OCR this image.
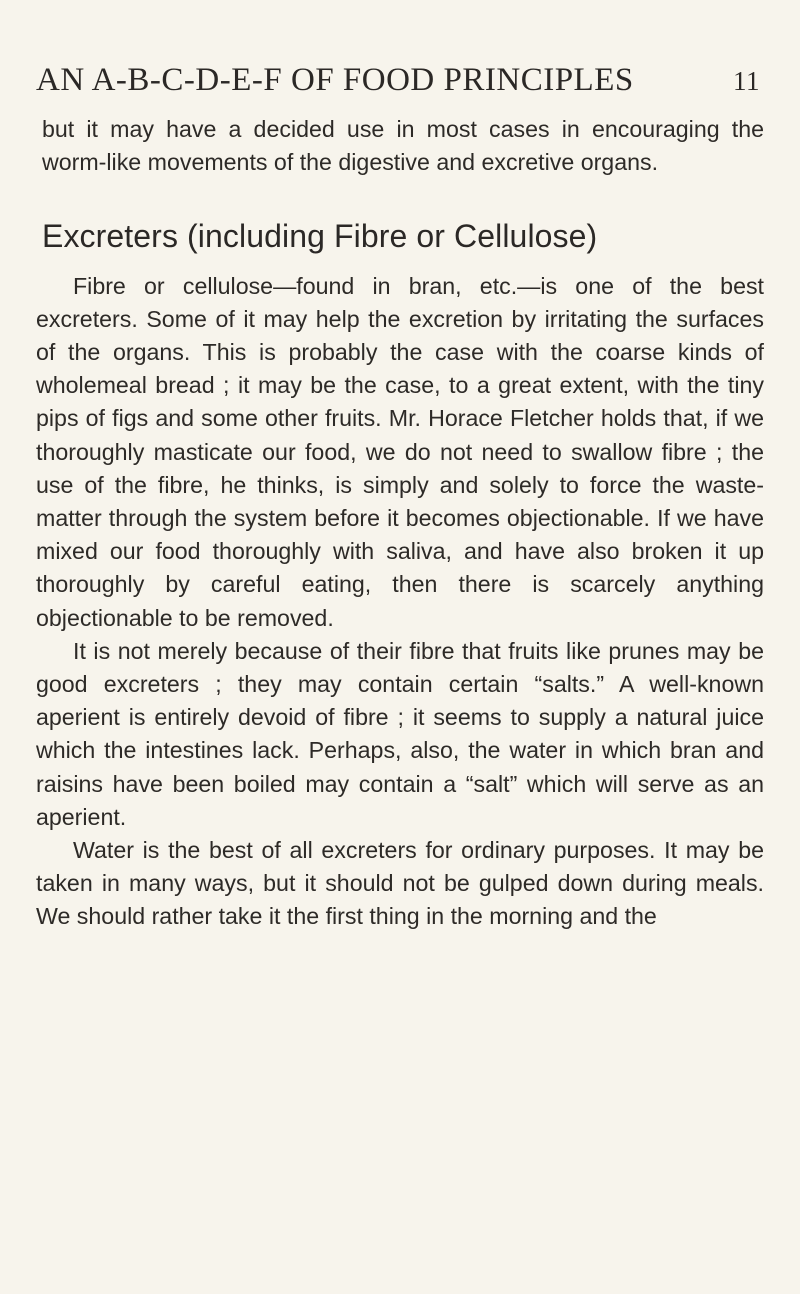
AN A-B-C-D-E-F OF FOOD PRINCIPLES	11

but it may have a decided use in most cases in encouraging the worm-like movements of the digestive and excretive organs.

Excreters (including Fibre or Cellulose)

Fibre or cellulose—found in bran, etc.—is one of the best excreters. Some of it may help the excretion by irritating the surfaces of the organs. This is probably the case with the coarse kinds of wholemeal bread ; it may be the case, to a great extent, with the tiny pips of figs and some other fruits. Mr. Horace Fletcher holds that, if we thoroughly masticate our food, we do not need to swallow fibre ; the use of the fibre, he thinks, is simply and solely to force the waste-matter through the system before it becomes objectionable. If we have mixed our food thoroughly with saliva, and have also broken it up thoroughly by careful eating, then there is scarcely anything objectionable to be removed.

It is not merely because of their fibre that fruits like prunes may be good excreters ; they may contain certain “salts.” A well-known aperient is entirely devoid of fibre ; it seems to supply a natural juice which the intestines lack. Perhaps, also, the water in which bran and raisins have been boiled may contain a “salt” which will serve as an aperient.

Water is the best of all excreters for ordinary purposes. It may be taken in many ways, but it should not be gulped down during meals. We should rather take it the first thing in the morning and the
